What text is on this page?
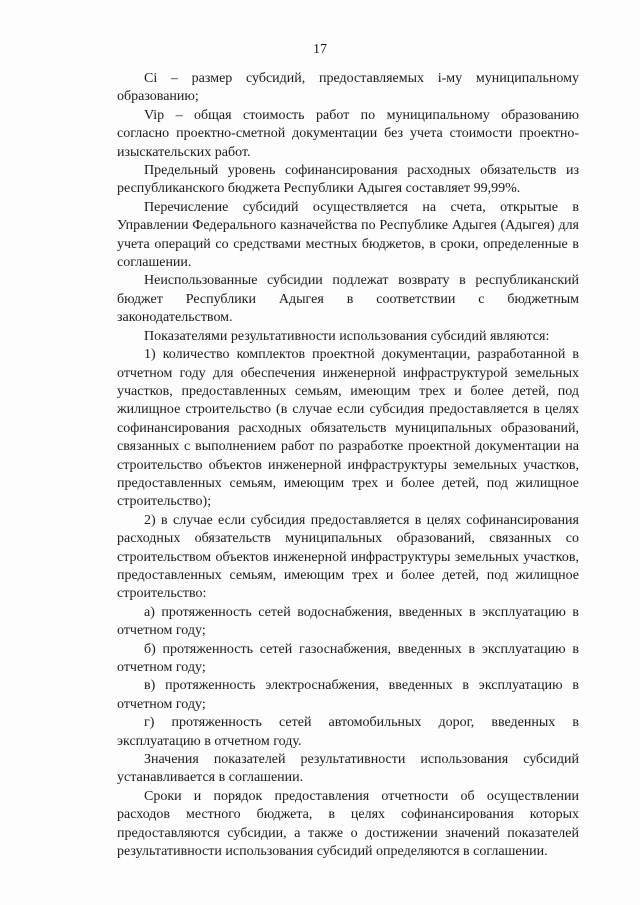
17

Ci – размер субсидий, предоставляемых i-му муниципальному образованию;

Vip – общая стоимость работ по муниципальному образованию согласно проектно-сметной документации без учета стоимости проектно-изыскательских работ.

Предельный уровень софинансирования расходных обязательств из республиканского бюджета Республики Адыгея составляет 99,99%.

Перечисление субсидий осуществляется на счета, открытые в Управлении Федерального казначейства по Республике Адыгея (Адыгея) для учета операций со средствами местных бюджетов, в сроки, определенные в соглашении.

Неиспользованные субсидии подлежат возврату в республиканский бюджет Республики Адыгея в соответствии с бюджетным законодательством.

Показателями результативности использования субсидий являются:

1) количество комплектов проектной документации, разработанной в отчетном году для обеспечения инженерной инфраструктурой земельных участков, предоставленных семьям, имеющим трех и более детей, под жилищное строительство (в случае если субсидия предоставляется в целях софинансирования расходных обязательств муниципальных образований, связанных с выполнением работ по разработке проектной документации на строительство объектов инженерной инфраструктуры земельных участков, предоставленных семьям, имеющим трех и более детей, под жилищное строительство);

2) в случае если субсидия предоставляется в целях софинансирования расходных обязательств муниципальных образований, связанных со строительством объектов инженерной инфраструктуры земельных участков, предоставленных семьям, имеющим трех и более детей, под жилищное строительство:

а) протяженность сетей водоснабжения, введенных в эксплуатацию в отчетном году;

б) протяженность сетей газоснабжения, введенных в эксплуатацию в отчетном году;

в) протяженность электроснабжения, введенных в эксплуатацию в отчетном году;

г) протяженность сетей автомобильных дорог, введенных в эксплуатацию в отчетном году.

Значения показателей результативности использования субсидий устанавливается в соглашении.

Сроки и порядок предоставления отчетности об осуществлении расходов местного бюджета, в целях софинансирования которых предоставляются субсидии, а также о достижении значений показателей результативности использования субсидий определяются в соглашении.
